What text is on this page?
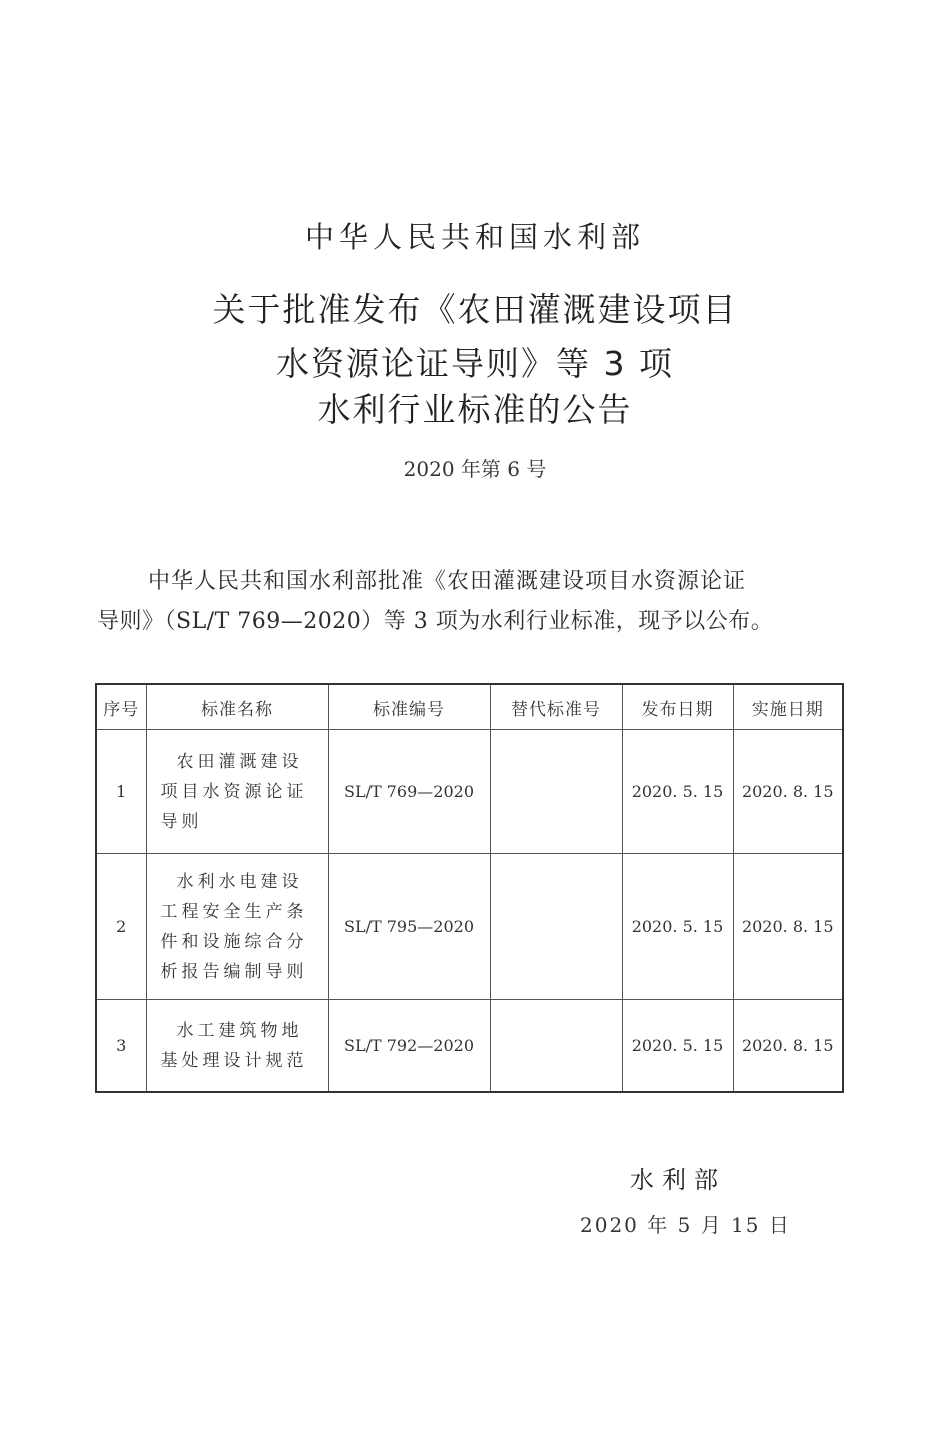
中华人民共和国水利部
关于批准发布《农田灌溉建设项目
水资源论证导则》等 3 项
水利行业标准的公告
2020 年第 6 号
中华人民共和国水利部批准《农田灌溉建设项目水资源论证
导则》（SL/T 769—2020）等 3 项为水利行业标准，现予以公布。
序号	标准名称	标准编号	替代标准号	发布日期	实施日期
1	农田灌溉建设
项目水资源论证
导则	SL/T 769—2020		2020. 5. 15	2020. 8. 15
2	水利水电建设
工程安全生产条
件和设施综合分
析报告编制导则	SL/T 795—2020		2020. 5. 15	2020. 8. 15
3	水工建筑物地
基处理设计规范	SL/T 792—2020		2020. 5. 15	2020. 8. 15
水利部
2020 年 5 月 15 日
